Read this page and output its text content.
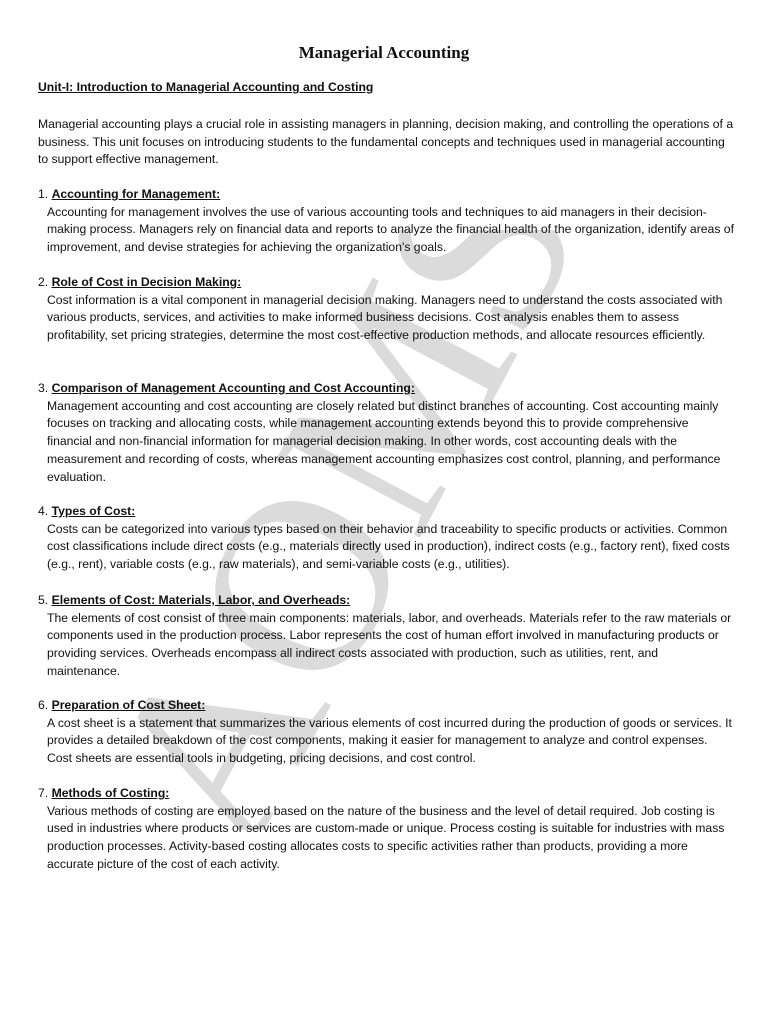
AOMS
Managerial Accounting
Unit-I: Introduction to Managerial Accounting and Costing

Managerial accounting plays a crucial role in assisting managers in planning, decision making, and controlling the operations of a business. This unit focuses on introducing students to the fundamental concepts and techniques used in managerial accounting to support effective management.

1. Accounting for Management:

Accounting for management involves the use of various accounting tools and techniques to aid managers in their decision-making process. Managers rely on financial data and reports to analyze the financial health of the organization, identify areas of improvement, and devise strategies for achieving the organization's goals.

2. Role of Cost in Decision Making:

Cost information is a vital component in managerial decision making. Managers need to understand the costs associated with various products, services, and activities to make informed business decisions. Cost analysis enables them to assess profitability, set pricing strategies, determine the most cost-effective production methods, and allocate resources efficiently.

3. Comparison of Management Accounting and Cost Accounting:

Management accounting and cost accounting are closely related but distinct branches of accounting. Cost accounting mainly focuses on tracking and allocating costs, while management accounting extends beyond this to provide comprehensive financial and non-financial information for managerial decision making. In other words, cost accounting deals with the measurement and recording of costs, whereas management accounting emphasizes cost control, planning, and performance evaluation.

4. Types of Cost:

Costs can be categorized into various types based on their behavior and traceability to specific products or activities. Common cost classifications include direct costs (e.g., materials directly used in production), indirect costs (e.g., factory rent), fixed costs (e.g., rent), variable costs (e.g., raw materials), and semi-variable costs (e.g., utilities).

5. Elements of Cost: Materials, Labor, and Overheads:

The elements of cost consist of three main components: materials, labor, and overheads. Materials refer to the raw materials or components used in the production process. Labor represents the cost of human effort involved in manufacturing products or providing services. Overheads encompass all indirect costs associated with production, such as utilities, rent, and maintenance.

6. Preparation of Cost Sheet:

A cost sheet is a statement that summarizes the various elements of cost incurred during the production of goods or services. It provides a detailed breakdown of the cost components, making it easier for management to analyze and control expenses. Cost sheets are essential tools in budgeting, pricing decisions, and cost control.

7. Methods of Costing:

Various methods of costing are employed based on the nature of the business and the level of detail required. Job costing is used in industries where products or services are custom-made or unique. Process costing is suitable for industries with mass production processes. Activity-based costing allocates costs to specific activities rather than products, providing a more accurate picture of the cost of each activity.
